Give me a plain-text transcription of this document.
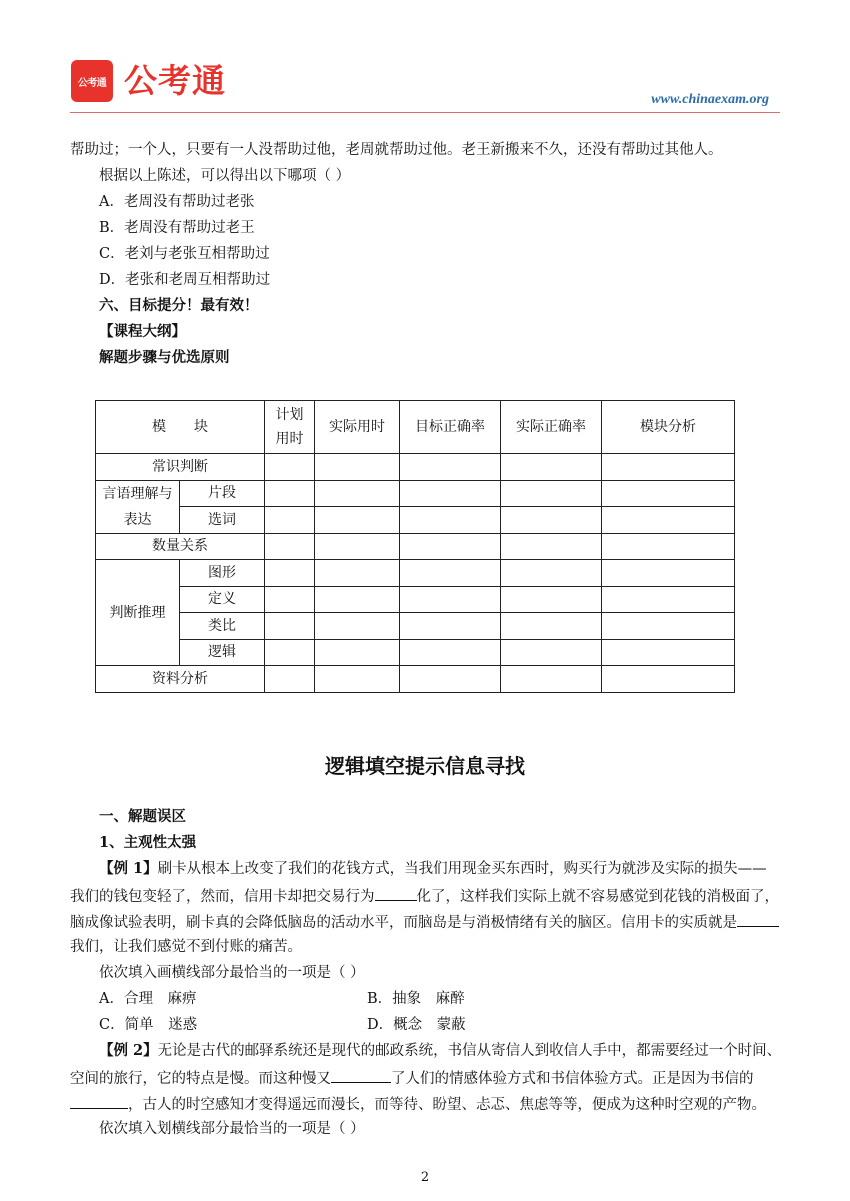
公考通 公考通	www.chinaexam.org
帮助过；一个人，只要有一人没帮助过他，老周就帮助过他。老王新搬来不久，还没有帮助过其他人。
根据以上陈述，可以得出以下哪项（ ）
A．老周没有帮助过老张
B．老周没有帮助过老王
C．老刘与老张互相帮助过
D．老张和老周互相帮助过
六、目标提分！最有效！
【课程大纲】
解题步骤与优选原则
模　　块		计划用时	实际用时	目标正确率	实际正确率	模块分析
常识判断						
言语理解与表达	片段					
	选词					
数量关系						
判断推理	图形					
	定义					
	类比					
	逻辑					
资料分析						
逻辑填空提示信息寻找
一、解题误区
1、主观性太强
【例 1】刷卡从根本上改变了我们的花钱方式，当我们用现金买东西时，购买行为就涉及实际的损失——
我们的钱包变轻了，然而，信用卡却把交易行为	化了，这样我们实际上就不容易感觉到花钱的消极面了，
脑成像试验表明，刷卡真的会降低脑岛的活动水平，而脑岛是与消极情绪有关的脑区。信用卡的实质就是
我们，让我们感觉不到付账的痛苦。
依次填入画横线部分最恰当的一项是（ ）
A．合理　麻痹	B．抽象　麻醉
C．简单　迷惑	D．概念　蒙蔽
【例 2】无论是古代的邮驿系统还是现代的邮政系统，书信从寄信人到收信人手中，都需要经过一个时间、
空间的旅行，它的特点是慢。而这种慢又	了人们的情感体验方式和书信体验方式。正是因为书信的
，古人的时空感知才变得遥远而漫长，而等待、盼望、忐忑、焦虑等等，便成为这种时空观的产物。
依次填入划横线部分最恰当的一项是（ ）
2
